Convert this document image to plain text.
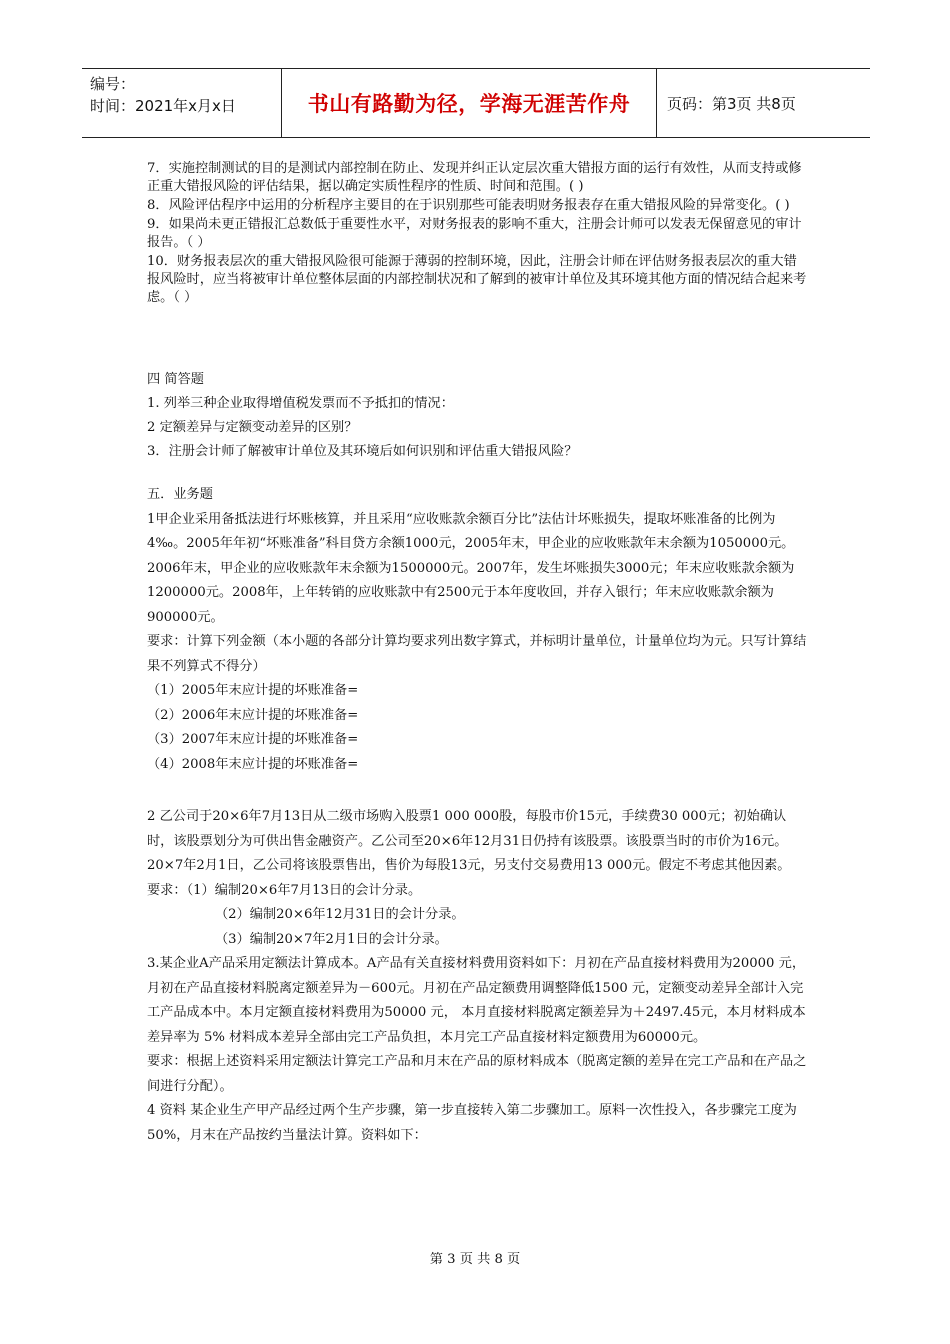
编号：
时间：2021年x月x日	书山有路勤为径，学海无涯苦作舟	页码：第3页 共8页

7．实施控制测试的目的是测试内部控制在防止、发现并纠正认定层次重大错报方面的运行有效性，从而支持或修正重大错报风险的评估结果，据以确定实质性程序的性质、时间和范围。( )

8．风险评估程序中运用的分析程序主要目的在于识别那些可能表明财务报表存在重大错报风险的异常变化。( )

9．如果尚未更正错报汇总数低于重要性水平，对财务报表的影响不重大，注册会计师可以发表无保留意见的审计报告。（ ）

10．财务报表层次的重大错报风险很可能源于薄弱的控制环境，因此，注册会计师在评估财务报表层次的重大错报风险时，应当将被审计单位整体层面的内部控制状况和了解到的被审计单位及其环境其他方面的情况结合起来考虑。（ ）

四 简答题

1. 列举三种企业取得增值税发票而不予抵扣的情况：

2 定额差异与定额变动差异的区别？

3．注册会计师了解被审计单位及其环境后如何识别和评估重大错报风险？

五．业务题

1甲企业采用备抵法进行坏账核算，并且采用“应收账款余额百分比”法估计坏账损失，提取坏账准备的比例为4‰。2005年年初“坏账准备”科目贷方余额1000元，2005年末，甲企业的应收账款年末余额为1050000元。2006年末，甲企业的应收账款年末余额为1500000元。2007年，发生坏账损失3000元；年末应收账款余额为1200000元。2008年，上年转销的应收账款中有2500元于本年度收回，并存入银行；年末应收账款余额为900000元。

要求：计算下列金额（本小题的各部分计算均要求列出数字算式，并标明计量单位，计量单位均为元。只写计算结果不列算式不得分）

（1）2005年末应计提的坏账准备=

（2）2006年末应计提的坏账准备=

（3）2007年末应计提的坏账准备=

（4）2008年末应计提的坏账准备=

2 乙公司于20×6年7月13日从二级市场购入股票1 000 000股，每股市价15元，手续费30 000元；初始确认时，该股票划分为可供出售金融资产。乙公司至20×6年12月31日仍持有该股票。该股票当时的市价为16元。20×7年2月1日，乙公司将该股票售出，售价为每股13元，另支付交易费用13 000元。假定不考虑其他因素。

要求：（1）编制20×6年7月13日的会计分录。

（2）编制20×6年12月31日的会计分录。

（3）编制20×7年2月1日的会计分录。

3.某企业A产品采用定额法计算成本。A产品有关直接材料费用资料如下：月初在产品直接材料费用为20000 元， 月初在产品直接材料脱离定额差异为－600元。月初在产品定额费用调整降低1500 元，定额变动差异全部计入完工产品成本中。本月定额直接材料费用为50000 元， 本月直接材料脱离定额差异为＋2497.45元，本月材料成本差异率为 5% 材料成本差异全部由完工产品负担，本月完工产品直接材料定额费用为60000元。

要求：根据上述资料采用定额法计算完工产品和月末在产品的原材料成本（脱离定额的差异在完工产品和在产品之间进行分配）。

4 资料 某企业生产甲产品经过两个生产步骤，第一步直接转入第二步骤加工。原料一次性投入，各步骤完工度为50%，月末在产品按约当量法计算。资料如下：

第 3 页 共 8 页
